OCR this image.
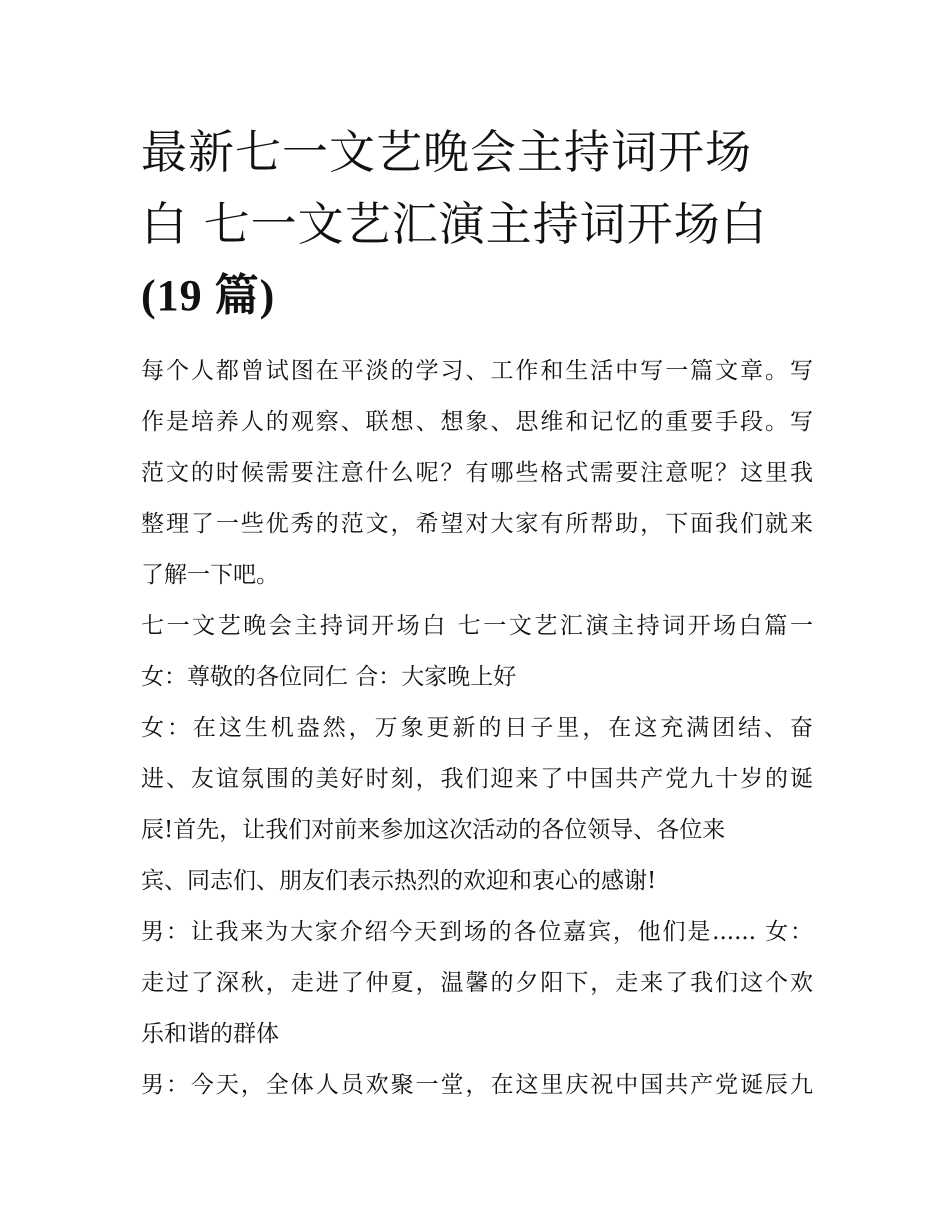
最新七一文艺晚会主持词开场
白 七一文艺汇演主持词开场白
(19 篇)
每个人都曾试图在平淡的学习、工作和生活中写一篇文章。写
作是培养人的观察、联想、想象、思维和记忆的重要手段。写
范文的时候需要注意什么呢？有哪些格式需要注意呢？这里我
整理了一些优秀的范文，希望对大家有所帮助，下面我们就来
了解一下吧。
七一文艺晚会主持词开场白 七一文艺汇演主持词开场白篇一
女：尊敬的各位同仁 合：大家晚上好
女：在这生机盎然，万象更新的日子里，在这充满团结、奋
进、友谊氛围的美好时刻，我们迎来了中国共产党九十岁的诞
辰!首先，让我们对前来参加这次活动的各位领导、各位来
宾、同志们、朋友们表示热烈的欢迎和衷心的感谢!
男：让我来为大家介绍今天到场的各位嘉宾，他们是...... 女：
走过了深秋，走进了仲夏，温馨的夕阳下，走来了我们这个欢
乐和谐的群体
男：今天，全体人员欢聚一堂，在这里庆祝中国共产党诞辰九
